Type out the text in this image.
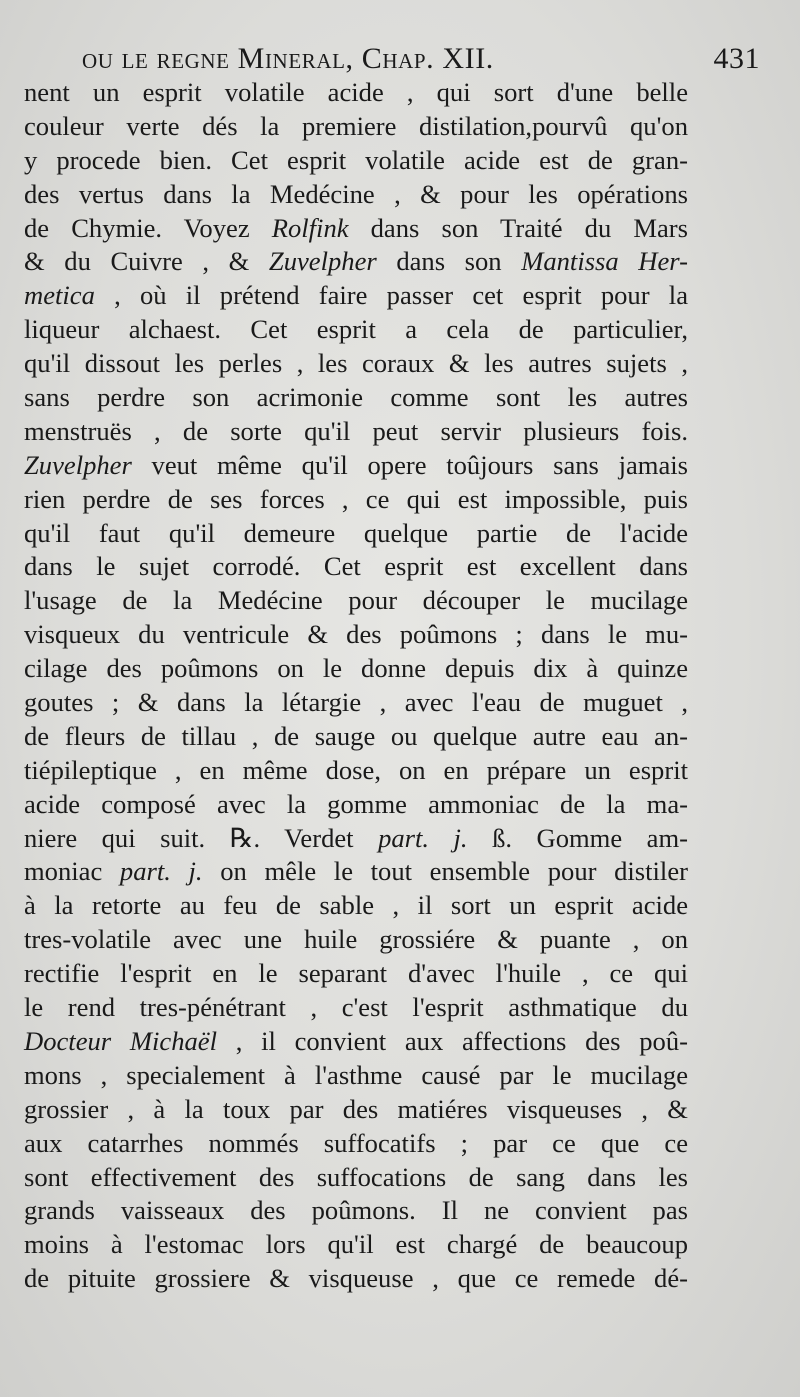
ou le regne Mineral, Chap. XII.	431
nent un esprit volatile acide , qui sort d'une belle
couleur verte dés la premiere distilation,pourvû qu'on
y procede bien. Cet esprit volatile acide est de gran-
des vertus dans la Medécine , & pour les opérations
de Chymie. Voyez Rolfink dans son Traité du Mars
& du Cuivre , & Zuvelpher dans son Mantissa Her-
metica , où il prétend faire passer cet esprit pour la
liqueur alchaest. Cet esprit a cela de particulier,
qu'il dissout les perles , les coraux & les autres sujets ,
sans perdre son acrimonie comme sont les autres
menstruës , de sorte qu'il peut servir plusieurs fois.
Zuvelpher veut même qu'il opere toûjours sans jamais
rien perdre de ses forces , ce qui est impossible, puis
qu'il faut qu'il demeure quelque partie de l'acide
dans le sujet corrodé. Cet esprit est excellent dans
l'usage de la Medécine pour découper le mucilage
visqueux du ventricule & des poûmons ; dans le mu-
cilage des poûmons on le donne depuis dix à quinze
goutes ; & dans la létargie , avec l'eau de muguet ,
de fleurs de tillau , de sauge ou quelque autre eau an-
tiépileptique , en même dose, on en prépare un esprit
acide composé avec la gomme ammoniac de la ma-
niere qui suit. ℞. Verdet part. j. ß. Gomme am-
moniac part. j. on mêle le tout ensemble pour distiler
à la retorte au feu de sable , il sort un esprit acide
tres-volatile avec une huile grossiére & puante , on
rectifie l'esprit en le separant d'avec l'huile , ce qui
le rend tres-pénétrant , c'est l'esprit asthmatique du
Docteur Michaël , il convient aux affections des poû-
mons , specialement à l'asthme causé par le mucilage
grossier , à la toux par des matiéres visqueuses , &
aux catarrhes nommés suffocatifs ; par ce que ce
sont effectivement des suffocations de sang dans les
grands vaisseaux des poûmons. Il ne convient pas
moins à l'estomac lors qu'il est chargé de beaucoup
de pituite grossiere & visqueuse , que ce remede dé-
